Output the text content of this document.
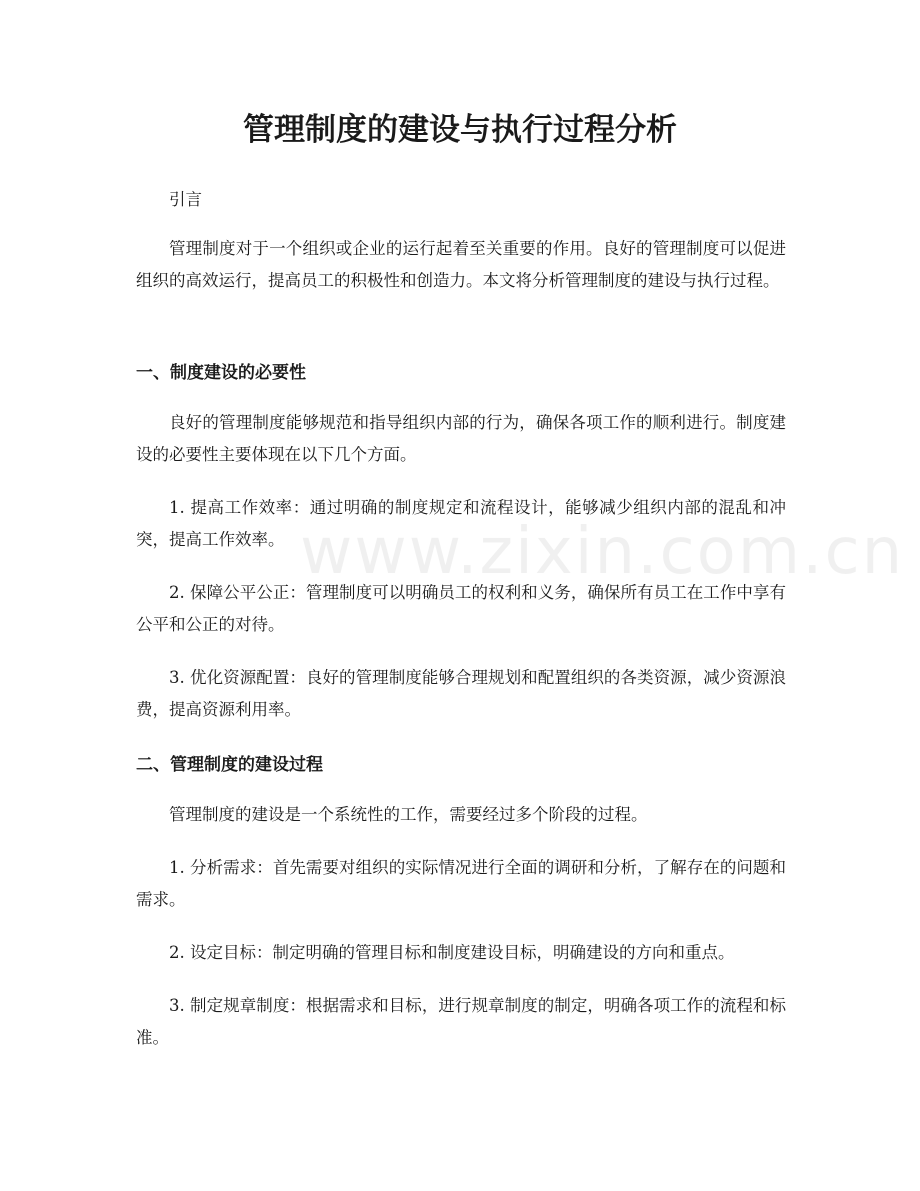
www.zixin.com.cn
管理制度的建设与执行过程分析

引言

管理制度对于一个组织或企业的运行起着至关重要的作用。良好的管理制度可以促进组织的高效运行，提高员工的积极性和创造力。本文将分析管理制度的建设与执行过程。

一、制度建设的必要性

良好的管理制度能够规范和指导组织内部的行为，确保各项工作的顺利进行。制度建设的必要性主要体现在以下几个方面。

1. 提高工作效率：通过明确的制度规定和流程设计，能够减少组织内部的混乱和冲突，提高工作效率。

2. 保障公平公正：管理制度可以明确员工的权利和义务，确保所有员工在工作中享有公平和公正的对待。

3. 优化资源配置：良好的管理制度能够合理规划和配置组织的各类资源，减少资源浪费，提高资源利用率。

二、管理制度的建设过程

管理制度的建设是一个系统性的工作，需要经过多个阶段的过程。

1. 分析需求：首先需要对组织的实际情况进行全面的调研和分析，了解存在的问题和需求。

2. 设定目标：制定明确的管理目标和制度建设目标，明确建设的方向和重点。

3. 制定规章制度：根据需求和目标，进行规章制度的制定，明确各项工作的流程和标准。
